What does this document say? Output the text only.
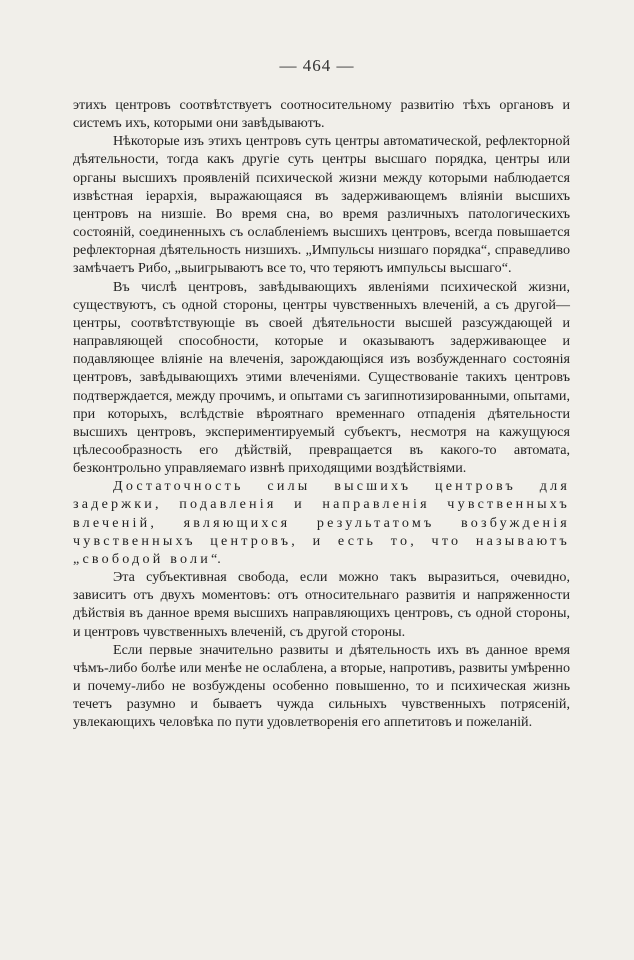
— 464 —

этихъ центровъ соотвѣтствуетъ соотносительному развитію тѣхъ органовъ и системъ ихъ, которыми они завѣдываютъ.

Нѣкоторые изъ этихъ центровъ суть центры автоматической, рефлекторной дѣятельности, тогда какъ другіе суть центры высшаго порядка, центры или органы высшихъ проявленій психической жизни между которыми наблюдается извѣстная іерархія, выражающаяся въ задерживающемъ вліяніи высшихъ центровъ на низшіе. Во время сна, во время различныхъ патологическихъ состояній, соединенныхъ съ ослабленіемъ высшихъ центровъ, всегда повышается рефлекторная дѣятельность низшихъ. „Импульсы низшаго порядка“, справедливо замѣчаетъ Рибо, „выигрываютъ все то, что теряютъ импульсы высшаго“.

Въ числѣ центровъ, завѣдывающихъ явленіями психической жизни, существуютъ, съ одной стороны, центры чувственныхъ влеченій, а съ другой—центры, соотвѣтствующіе въ своей дѣятельности высшей разсуждающей и направляющей способности, которые и оказываютъ задерживающее и подавляющее вліяніе на влеченія, зарождающіяся изъ возбужденнаго состоянія центровъ, завѣдывающихъ этими влеченіями. Существованіе такихъ центровъ подтверждается, между прочимъ, и опытами съ загипнотизированными, опытами, при которыхъ, вслѣдствіе вѣроятнаго временнаго отпаденія дѣятельности высшихъ центровъ, экспериментируемый субъектъ, несмотря на кажущуюся цѣлесообразность его дѣйствій, превращается въ какого-то автомата, безконтрольно управляемаго извнѣ приходящими воздѣйствіями.

Достаточность силы высшихъ центровъ для задержки, подавленія и направленія чувственныхъ влеченій, являющихся результатомъ возбужденія чувственныхъ центровъ, и есть то, что называютъ „свободой воли“.

Эта субъективная свобода, если можно такъ выразиться, очевидно, зависитъ отъ двухъ моментовъ: отъ относительнаго развитія и напряженности дѣйствія въ данное время высшихъ направляющихъ центровъ, съ одной стороны, и центровъ чувственныхъ влеченій, съ другой стороны.

Если первые значительно развиты и дѣятельность ихъ въ данное время чѣмъ-либо болѣе или менѣе не ослаблена, а вторые, напротивъ, развиты умѣренно и почему-либо не возбуждены особенно повышенно, то и психическая жизнь течетъ разумно и бываетъ чужда сильныхъ чувственныхъ потрясеній, увлекающихъ человѣка по пути удовлетворенія его аппетитовъ и пожеланій.
